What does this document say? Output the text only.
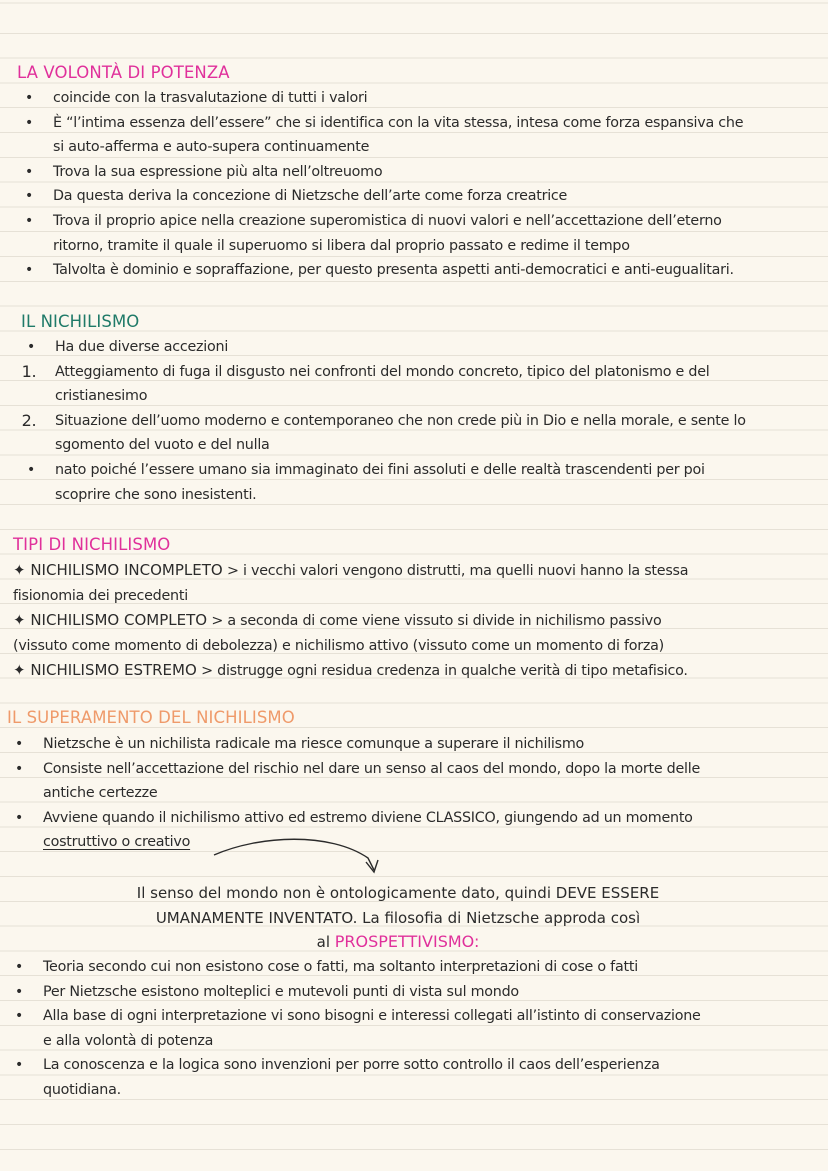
LA VOLONTÀ DI POTENZA
•	coincide con la trasvalutazione di tutti i valori
•	È “l’intima essenza dell’essere” che si identifica con la vita stessa, intesa come forza espansiva che
si auto-afferma e auto-supera continuamente
•	Trova la sua espressione più alta nell’oltreuomo
•	Da questa deriva la concezione di Nietzsche dell’arte come forza creatrice
•	Trova il proprio apice nella creazione superomistica di nuovi valori e nell’accettazione dell’eterno
ritorno, tramite il quale il superuomo si libera dal proprio passato e redime il tempo
•	Talvolta è dominio e sopraffazione, per questo presenta aspetti anti-democratici e anti-eugualitari.
IL NICHILISMO
•	Ha due diverse accezioni
1.	Atteggiamento di fuga il disgusto nei confronti del mondo concreto, tipico del platonismo e del
cristianesimo
2.	Situazione dell’uomo moderno e contemporaneo che non crede più in Dio e nella morale, e sente lo
sgomento del vuoto e del nulla
•	nato poiché l’essere umano sia immaginato dei fini assoluti e delle realtà trascendenti per poi
scoprire che sono inesistenti.
TIPI DI NICHILISMO

✦ NICHILISMO INCOMPLETO > i vecchi valori vengono distrutti, ma quelli nuovi hanno la stessa

fisionomia dei precedenti

✦ NICHILISMO COMPLETO > a seconda di come viene vissuto si divide in nichilismo passivo

(vissuto come momento di debolezza) e nichilismo attivo (vissuto come un momento di forza)

✦ NICHILISMO ESTREMO > distrugge ogni residua credenza in qualche verità di tipo metafisico.

IL SUPERAMENTO DEL NICHILISMO
•	Nietzsche è un nichilista radicale ma riesce comunque a superare il nichilismo
•	Consiste nell’accettazione del rischio nel dare un senso al caos del mondo, dopo la morte delle
antiche certezze
•	Avviene quando il nichilismo attivo ed estremo diviene CLASSICO, giungendo ad un momento
costruttivo o creativo

Il senso del mondo non è ontologicamente dato, quindi DEVE ESSERE

UMANAMENTE INVENTATO. La filosofia di Nietzsche approda così

al PROSPETTIVISMO:

•	Teoria secondo cui non esistono cose o fatti, ma soltanto interpretazioni di cose o fatti
•	Per Nietzsche esistono molteplici e mutevoli punti di vista sul mondo
•	Alla base di ogni interpretazione vi sono bisogni e interessi collegati all’istinto di conservazione
e alla volontà di potenza
•	La conoscenza e la logica sono invenzioni per porre sotto controllo il caos dell’esperienza
quotidiana.
